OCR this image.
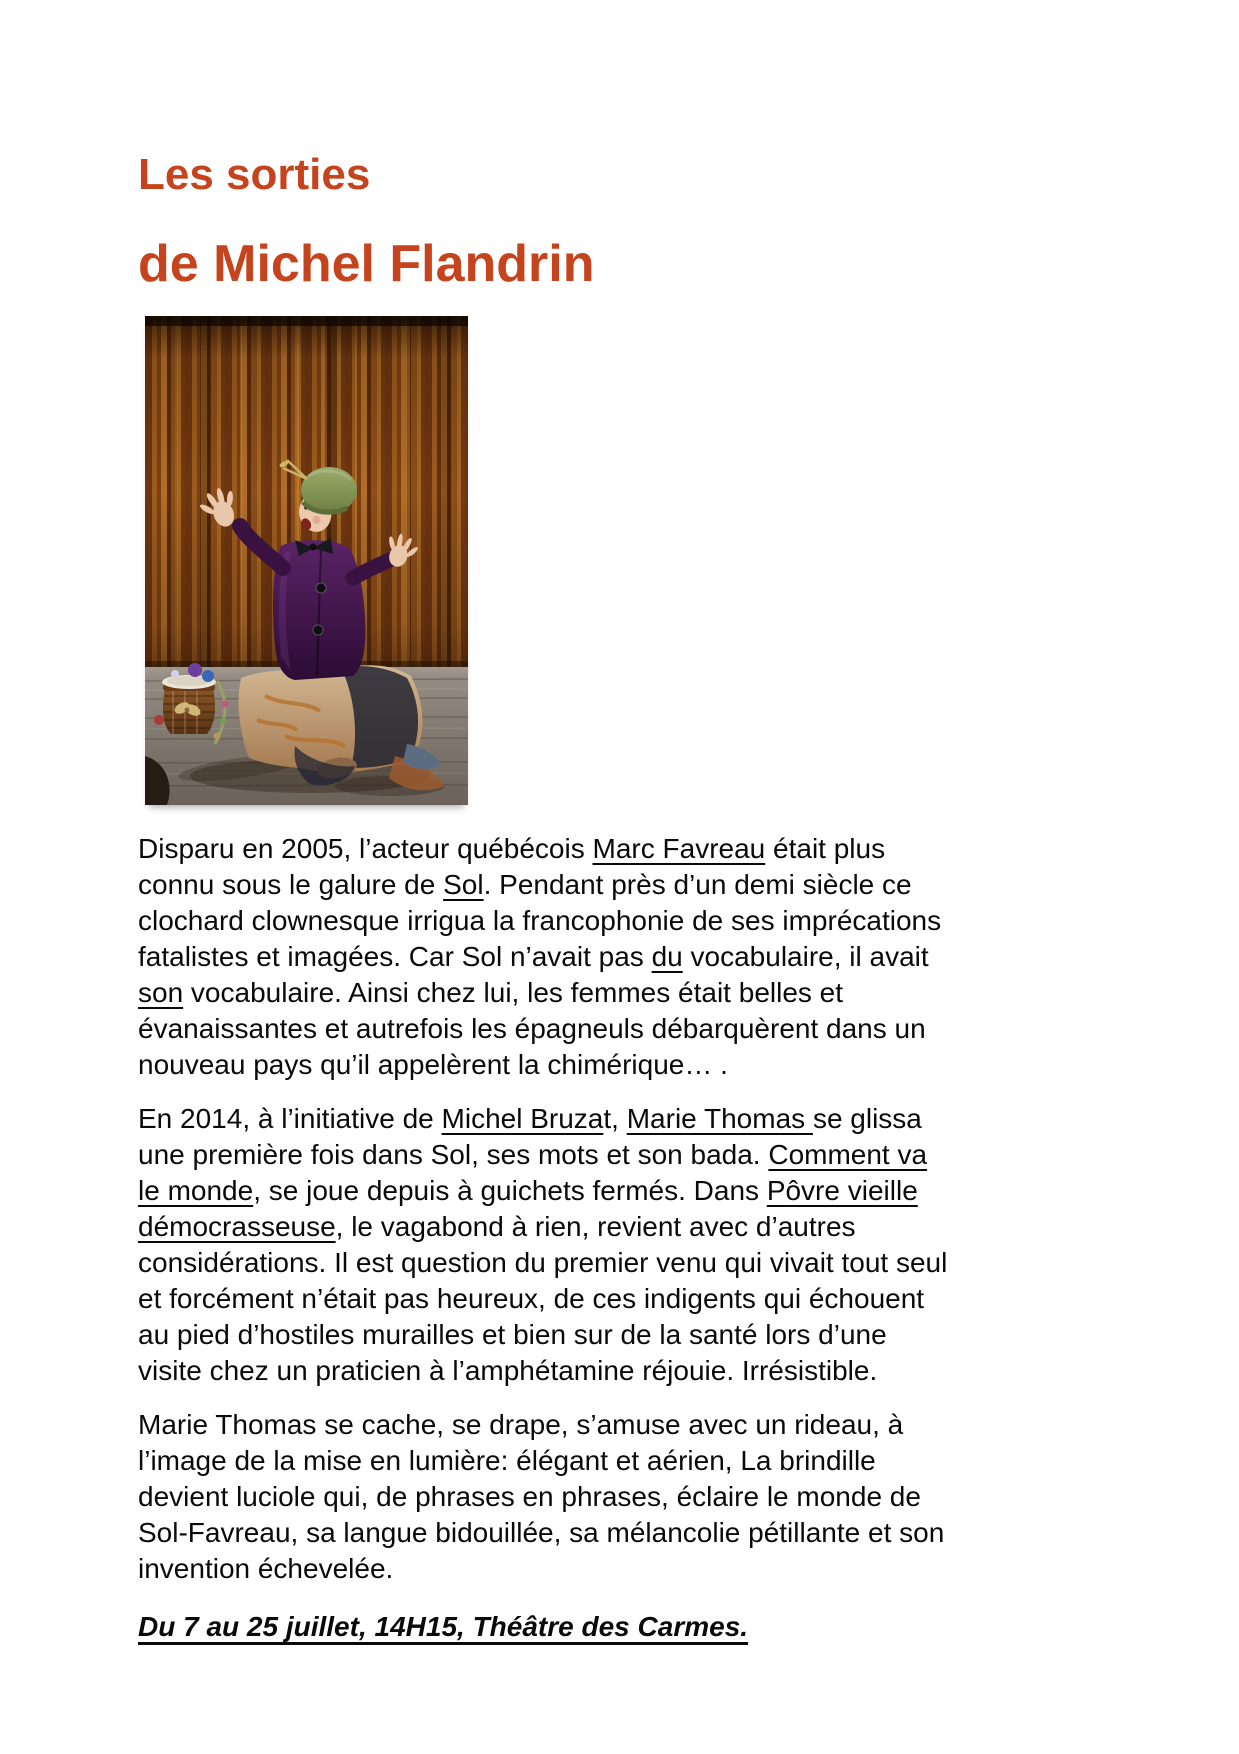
Les sorties
de Michel Flandrin

Disparu en 2005, l’acteur québécois Marc Favreau était plus connu sous le galure de Sol. Pendant près d’un demi siècle ce clochard clownesque irrigua la francophonie de ses imprécations fatalistes et imagées. Car Sol n’avait pas du vocabulaire, il avait son vocabulaire. Ainsi chez lui, les femmes était belles et évanaissantes et autrefois les épagneuls débarquèrent dans un nouveau pays qu’il appelèrent la chimérique… .

En 2014, à l’initiative de Michel Bruzat, Marie Thomas se glissa une première fois dans Sol, ses mots et son bada. Comment va le monde, se joue depuis à guichets fermés. Dans Pôvre vieille démocrasseuse, le vagabond à rien, revient avec d’autres considérations. Il est question du premier venu qui vivait tout seul et forcément n’était pas heureux, de ces indigents qui échouent au pied d’hostiles murailles et bien sur de la santé lors d’une visite chez un praticien à l’amphétamine réjouie. Irrésistible.

Marie Thomas se cache, se drape, s’amuse avec un rideau, à l’image de la mise en lumière: élégant et aérien, La brindille devient luciole qui, de phrases en phrases, éclaire le monde de Sol-Favreau, sa langue bidouillée, sa mélancolie pétillante et son invention échevelée.

Du 7 au 25 juillet, 14H15, Théâtre des Carmes.
